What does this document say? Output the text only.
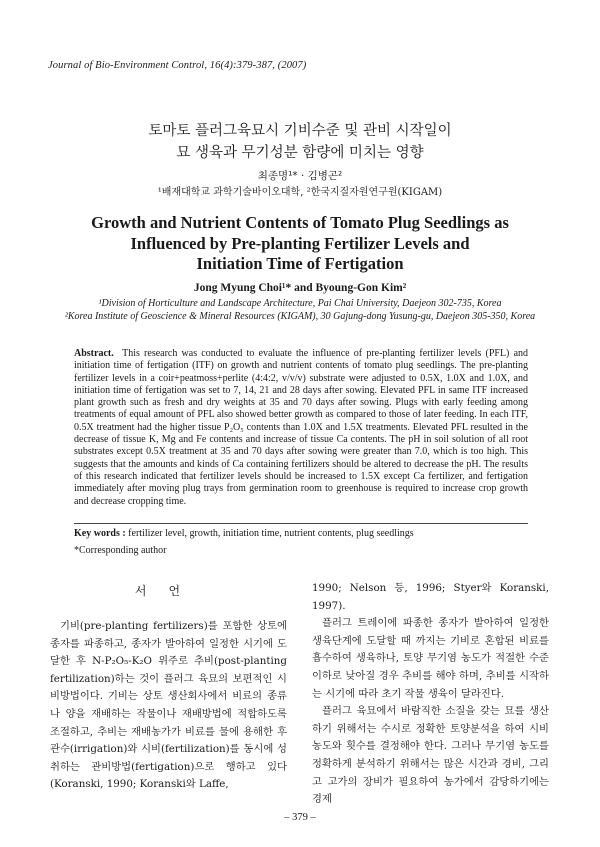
Journal of Bio-Environment Control, 16(4):379-387, (2007)
토마토 플러그육묘시 기비수준 및 관비 시작일이
묘 생육과 무기성분 함량에 미치는 영향
최종명¹* · 김병곤²
¹배재대학교 과학기술바이오대학, ²한국지질자원연구원(KIGAM)
Growth and Nutrient Contents of Tomato Plug Seedlings as
Influenced by Pre-planting Fertilizer Levels and
Initiation Time of Fertigation
Jong Myung Choi¹* and Byoung-Gon Kim²
¹Division of Horticulture and Landscape Architecture, Pai Chai University, Daejeon 302-735, Korea
²Korea Institute of Geoscience & Mineral Resources (KIGAM), 30 Gajung-dong Yusung-gu, Daejeon 305-350, Korea
Abstract. This research was conducted to evaluate the influence of pre-planting fertilizer levels (PFL) and initiation time of fertigation (ITF) on growth and nutrient contents of tomato plug seedlings. The pre-planting fertilizer levels in a coir+peatmoss+perlite (4:4:2, v/v/v) substrate were adjusted to 0.5X, 1.0X and 1.0X, and initiation time of fertigation was set to 7, 14, 21 and 28 days after sowing. Elevated PFL in same ITF increased plant growth such as fresh and dry weights at 35 and 70 days after sowing. Plugs with early feeding among treatments of equal amount of PFL also showed better growth as compared to those of later feeding. In each ITF, 0.5X treatment had the higher tissue P₂O₅ contents than 1.0X and 1.5X treatments. Elevated PFL resulted in the decrease of tissue K, Mg and Fe contents and increase of tissue Ca contents. The pH in soil solution of all root substrates except 0.5X treatment at 35 and 70 days after sowing were greater than 7.0, which is too high. This suggests that the amounts and kinds of Ca containing fertilizers should be altered to decrease the pH. The results of this research indicated that fertilizer levels should be increased to 1.5X except Ca fertilizer, and fertigation immediately after moving plug trays from germination room to greenhouse is required to increase crop growth and decrease cropping time.
Key words : fertilizer level, growth, initiation time, nutrient contents, plug seedlings
*Corresponding author
서언

기비(pre-planting fertilizers)를 포함한 상토에 종자를 파종하고, 종자가 발아하여 일정한 시기에 도달한 후 N-P₂O₅-K₂O 위주로 추비(post-planting fertilization)하는 것이 플러그 육묘의 보편적인 시비방법이다. 기비는 상토 생산회사에서 비료의 종류나 양을 재배하는 작물이나 재배방법에 적합하도록 조절하고, 추비는 재배농가가 비료를 물에 용해한 후 관수(irrigation)와 시비(fertilization)를 동시에 성취하는 관비방법(fertigation)으로 행하고 있다(Koranski, 1990; Koranski와 Laffe,

1990; Nelson 등, 1996; Styer와 Koranski, 1997).

플러그 트레이에 파종한 종자가 발아하여 일정한 생육단계에 도달할 때 까지는 기비로 혼합된 비료를 흡수하여 생육하나, 토양 무기염 농도가 적절한 수준 이하로 낮아질 경우 추비를 해야 하며, 추비를 시작하는 시기에 따라 초기 작물 생육이 달라진다.

플러그 육묘에서 바람직한 소질을 갖는 묘를 생산하기 위해서는 수시로 정확한 토양분석을 하여 시비 농도와 횟수를 결정해야 한다. 그러나 무기염 농도를 정확하게 분석하기 위해서는 많은 시간과 경비, 그리고 고가의 장비가 필요하여 농가에서 감당하기에는 경제

– 379 –
